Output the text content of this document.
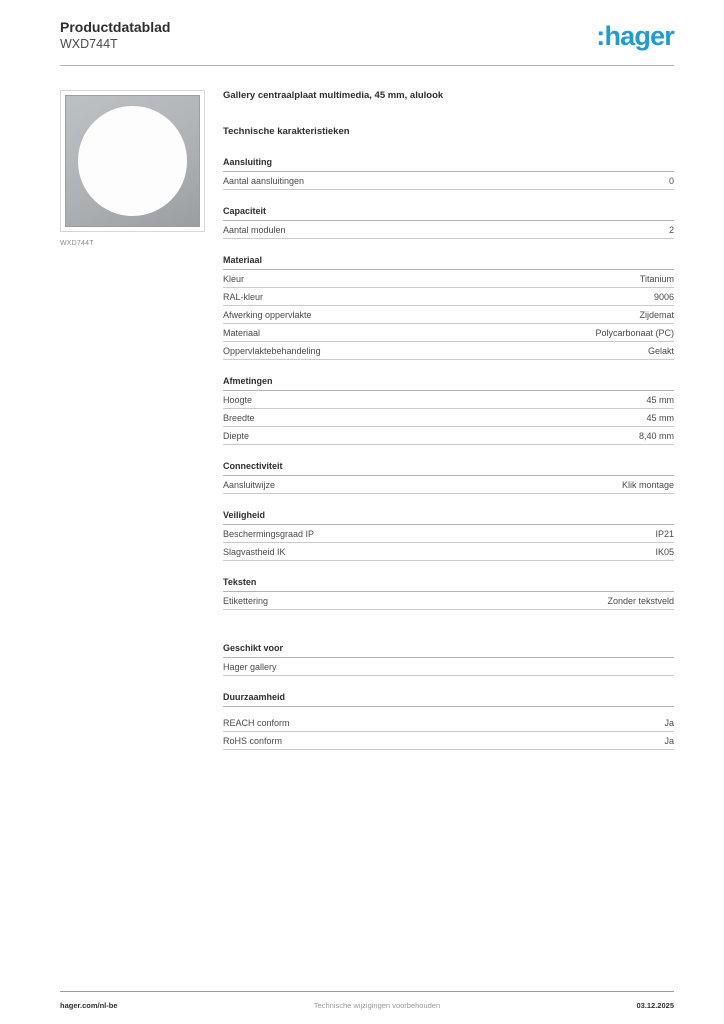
Productdatablad
WXD744T	:hager
WXD744T
Gallery centraalplaat multimedia, 45 mm, alulook
Technische karakteristieken
Aansluiting
Aantal aansluitingen	0
Capaciteit
Aantal modulen	2
Materiaal
Kleur	Titanium
RAL-kleur	9006
Afwerking oppervlakte	Zijdemat
Materiaal	Polycarbonaat (PC)
Oppervlaktebehandeling	Gelakt
Afmetingen
Hoogte	45 mm
Breedte	45 mm
Diepte	8,40 mm
Connectiviteit
Aansluitwijze	Klik montage
Veiligheid
Beschermingsgraad IP	IP21
Slagvastheid IK	IK05
Teksten
Etikettering	Zonder tekstveld
Geschikt voor
Hager gallery
Duurzaamheid
REACH conform	Ja
RoHS conform	Ja
hager.com/nl-be	Technische wijzigingen voorbehouden	03.12.2025
